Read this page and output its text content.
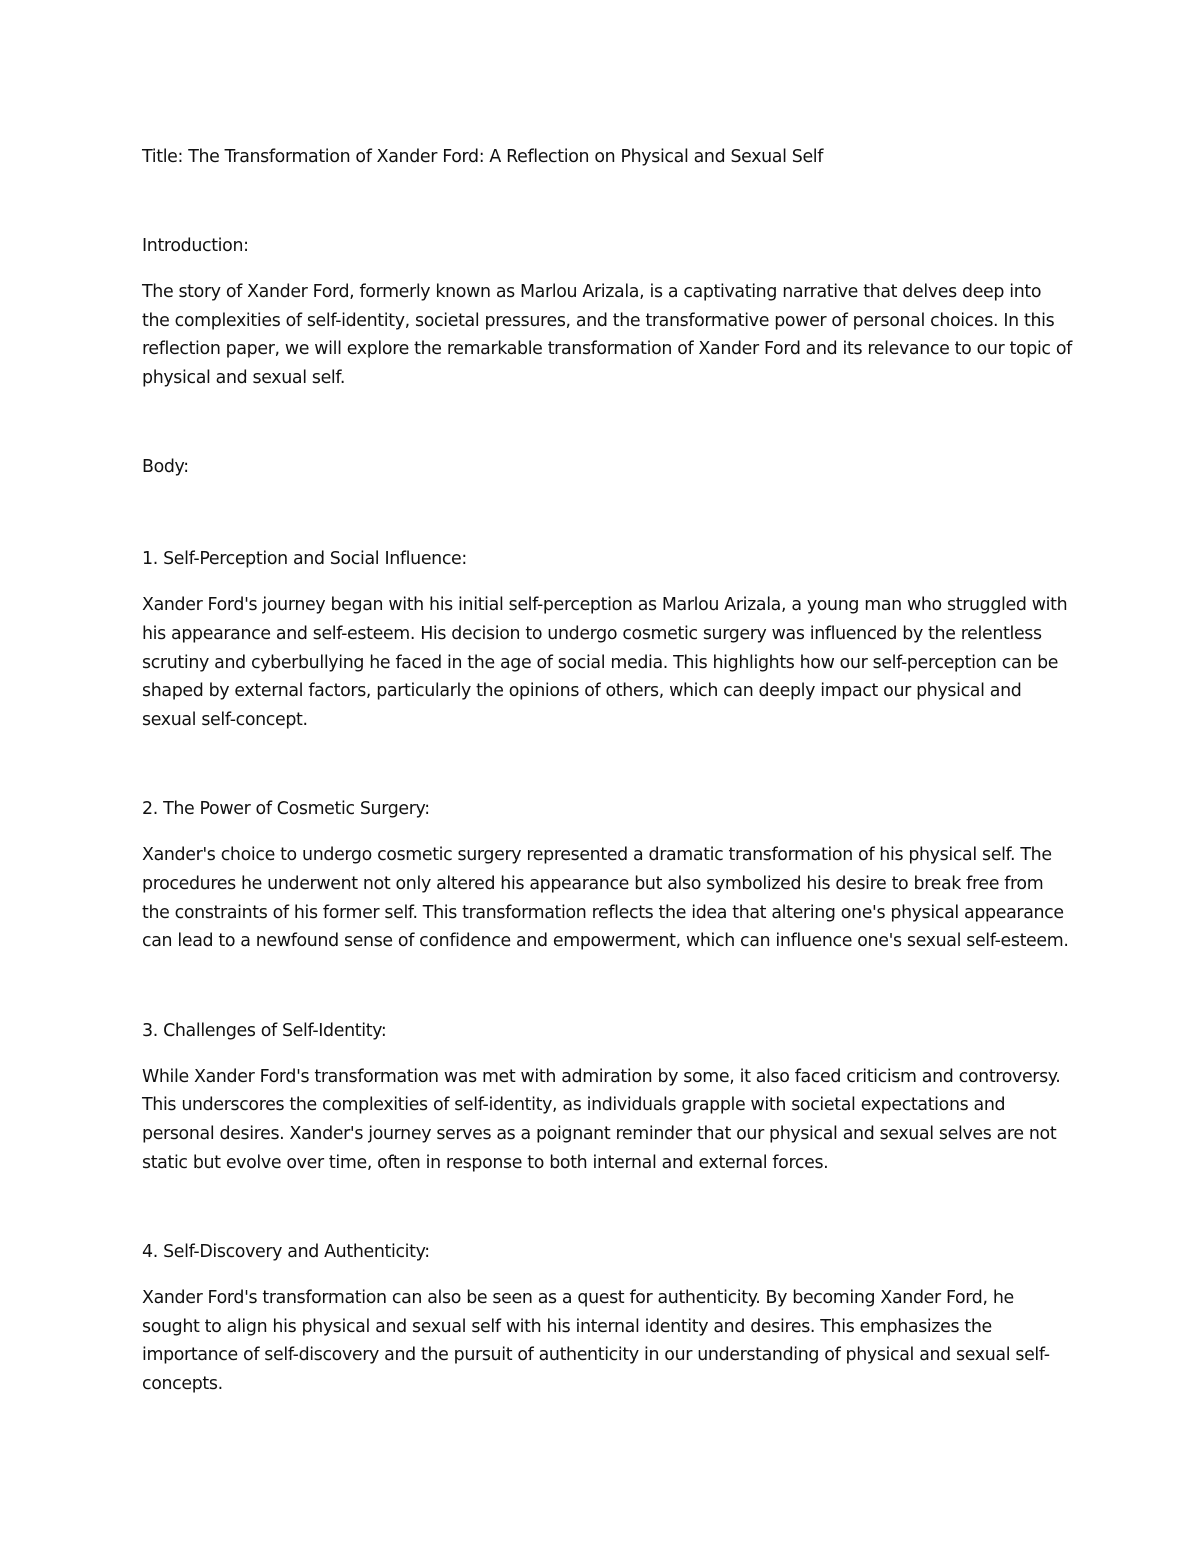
Title: The Transformation of Xander Ford: A Reflection on Physical and Sexual Self
Introduction:

The story of Xander Ford, formerly known as Marlou Arizala, is a captivating narrative that delves deep into the complexities of self-identity, societal pressures, and the transformative power of personal choices. In this reflection paper, we will explore the remarkable transformation of Xander Ford and its relevance to our topic of physical and sexual self.

Body:
1. Self-Perception and Social Influence:

Xander Ford's journey began with his initial self-perception as Marlou Arizala, a young man who struggled with his appearance and self-esteem. His decision to undergo cosmetic surgery was influenced by the relentless scrutiny and cyberbullying he faced in the age of social media. This highlights how our self-perception can be shaped by external factors, particularly the opinions of others, which can deeply impact our physical and sexual self-concept.

2. The Power of Cosmetic Surgery:

Xander's choice to undergo cosmetic surgery represented a dramatic transformation of his physical self. The procedures he underwent not only altered his appearance but also symbolized his desire to break free from the constraints of his former self. This transformation reflects the idea that altering one's physical appearance can lead to a newfound sense of confidence and empowerment, which can influence one's sexual self-esteem.

3. Challenges of Self-Identity:

While Xander Ford's transformation was met with admiration by some, it also faced criticism and controversy. This underscores the complexities of self-identity, as individuals grapple with societal expectations and personal desires. Xander's journey serves as a poignant reminder that our physical and sexual selves are not static but evolve over time, often in response to both internal and external forces.

4. Self-Discovery and Authenticity:

Xander Ford's transformation can also be seen as a quest for authenticity. By becoming Xander Ford, he sought to align his physical and sexual self with his internal identity and desires. This emphasizes the importance of self-discovery and the pursuit of authenticity in our understanding of physical and sexual self-concepts.
